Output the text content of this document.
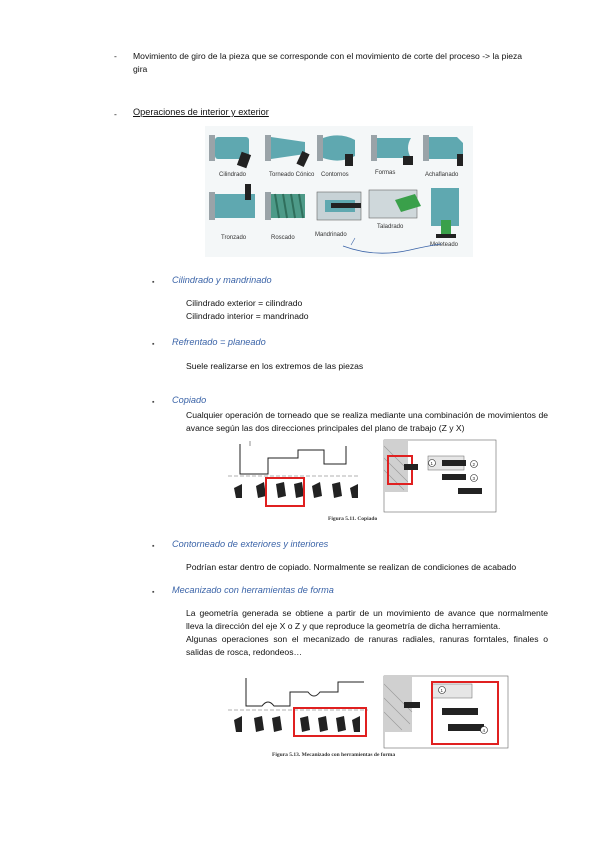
- Movimiento de giro de la pieza que se corresponde con el movimiento de corte del proceso -> la pieza gira
- Operaciones de interior y exterior
Cilindrado	Torneado Cónico Contornos	Formas	Achaflanado
Tronzado	Roscado	Mandrinado
Taladrado
Moleteado
▪ Cilindrado y mandrinado
Cilindrado exterior = cilindrado
Cilindrado interior = mandrinado
▪ Refrentado = planeado
Suele realizarse en los extremos de las piezas
▪ Copiado
Cualquier operación de torneado que se realiza mediante una combinación de movimientos de avance según las dos direcciones principales del plano de trabajo (Z y X)
1	2
3
Figura 5.11. Copiado
▪ Contorneado de exteriores y interiores
Podrían estar dentro de copiado. Normalmente se realizan de condiciones de acabado
▪ Mecanizado con herramientas de forma
La geometría generada se obtiene a partir de un movimiento de avance que normalmente lleva la dirección del eje X o Z y que reproduce la geometría de dicha herramienta.
Algunas operaciones son el mecanizado de ranuras radiales, ranuras forntales, finales o salidas de rosca, redondeos…
1
4
Figura 5.13. Mecanizado con herramientas de forma
